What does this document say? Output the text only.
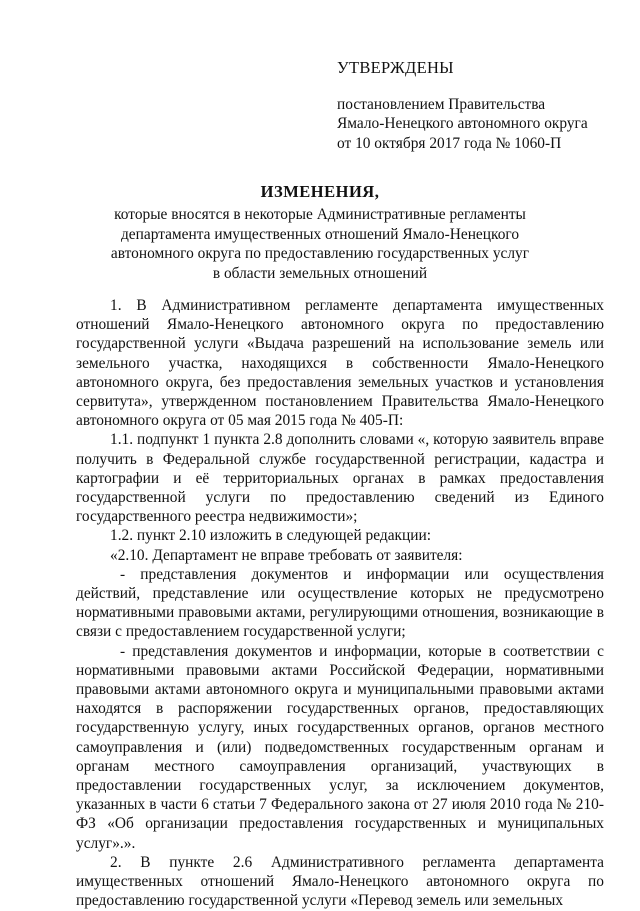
УТВЕРЖДЕНЫ
постановлением Правительства
Ямало-Ненецкого автономного округа
от 10 октября 2017 года № 1060-П
ИЗМЕНЕНИЯ,
которые вносятся в некоторые Административные регламенты
департамента имущественных отношений Ямало-Ненецкого
автономного округа по предоставлению государственных услуг
в области земельных отношений

1. В Административном регламенте департамента имущественных отношений Ямало-Ненецкого автономного округа по предоставлению государственной услуги «Выдача разрешений на использование земель или земельного участка, находящихся в собственности Ямало-Ненецкого автономного округа, без предоставления земельных участков и установления сервитута», утвержденном постановлением Правительства Ямало-Ненецкого автономного округа от 05 мая 2015 года № 405-П:

1.1. подпункт 1 пункта 2.8 дополнить словами «, которую заявитель вправе получить в Федеральной службе государственной регистрации, кадастра и картографии и её территориальных органах в рамках предоставления государственной услуги по предоставлению сведений из Единого государственного реестра недвижимости»;

1.2. пункт 2.10 изложить в следующей редакции:

«2.10. Департамент не вправе требовать от заявителя:

- представления документов и информации или осуществления действий, представление или осуществление которых не предусмотрено нормативными правовыми актами, регулирующими отношения, возникающие в связи с предоставлением государственной услуги;

- представления документов и информации, которые в соответствии с нормативными правовыми актами Российской Федерации, нормативными правовыми актами автономного округа и муниципальными правовыми актами находятся в распоряжении государственных органов, предоставляющих государственную услугу, иных государственных органов, органов местного самоуправления и (или) подведомственных государственным органам и органам местного самоуправления организаций, участвующих в предоставлении государственных услуг, за исключением документов, указанных в части 6 статьи 7 Федерального закона от 27 июля 2010 года № 210-ФЗ «Об организации предоставления государственных и муниципальных услуг».».

2. В пункте 2.6 Административного регламента департамента имущественных отношений Ямало-Ненецкого автономного округа по предоставлению государственной услуги «Перевод земель или земельных
